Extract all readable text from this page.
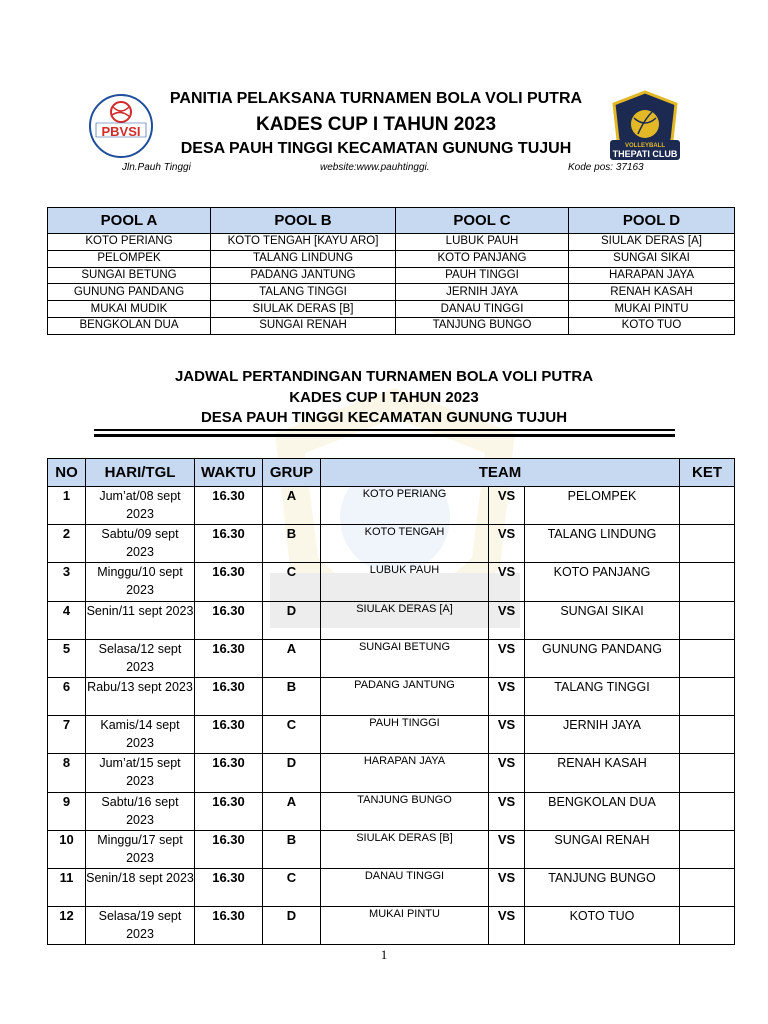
PBVSI
VOLLEYBALL
THEPATI CLUB
PANITIA PELAKSANA TURNAMEN BOLA VOLI PUTRA
KADES CUP I TAHUN 2023
DESA PAUH TINGGI KECAMATAN GUNUNG TUJUH
Jln.Pauh Tinggi	website:www.pauhtinggi.	Kode pos: 37163
POOL A	POOL B	POOL C	POOL D
KOTO PERIANG	KOTO TENGAH [KAYU ARO]	LUBUK PAUH	SIULAK DERAS [A]
PELOMPEK	TALANG LINDUNG	KOTO PANJANG	SUNGAI SIKAI
SUNGAI BETUNG	PADANG JANTUNG	PAUH TINGGI	HARAPAN JAYA
GUNUNG PANDANG	TALANG TINGGI	JERNIH JAYA	RENAH KASAH
MUKAI MUDIK	SIULAK DERAS [B]	DANAU TINGGI	MUKAI PINTU
BENGKOLAN DUA	SUNGAI RENAH	TANJUNG BUNGO	KOTO TUO
JADWAL PERTANDINGAN TURNAMEN BOLA VOLI PUTRA
KADES CUP I TAHUN 2023
DESA PAUH TINGGI KECAMATAN GUNUNG TUJUH
NO	HARI/TGL	WAKTU	GRUP	TEAM			KET
1	Jum’at/08 sept 2023	16.30	A	KOTO PERIANG	VS	PELOMPEK	
2	Sabtu/09 sept 2023	16.30	B	KOTO TENGAH	VS	TALANG LINDUNG	
3	Minggu/10 sept 2023	16.30	C	LUBUK PAUH	VS	KOTO PANJANG	
4	Senin/11 sept 2023	16.30	D	SIULAK DERAS [A]	VS	SUNGAI SIKAI	
5	Selasa/12 sept 2023	16.30	A	SUNGAI BETUNG	VS	GUNUNG PANDANG	
6	Rabu/13 sept 2023	16.30	B	PADANG JANTUNG	VS	TALANG TINGGI	
7	Kamis/14 sept 2023	16.30	C	PAUH TINGGI	VS	JERNIH JAYA	
8	Jum’at/15 sept 2023	16.30	D	HARAPAN JAYA	VS	RENAH KASAH	
9	Sabtu/16 sept 2023	16.30	A	TANJUNG BUNGO	VS	BENGKOLAN DUA	
10	Minggu/17 sept 2023	16.30	B	SIULAK DERAS [B]	VS	SUNGAI RENAH	
11	Senin/18 sept 2023	16.30	C	DANAU TINGGI	VS	TANJUNG BUNGO	
12	Selasa/19 sept 2023	16.30	D	MUKAI PINTU	VS	KOTO TUO	
1
